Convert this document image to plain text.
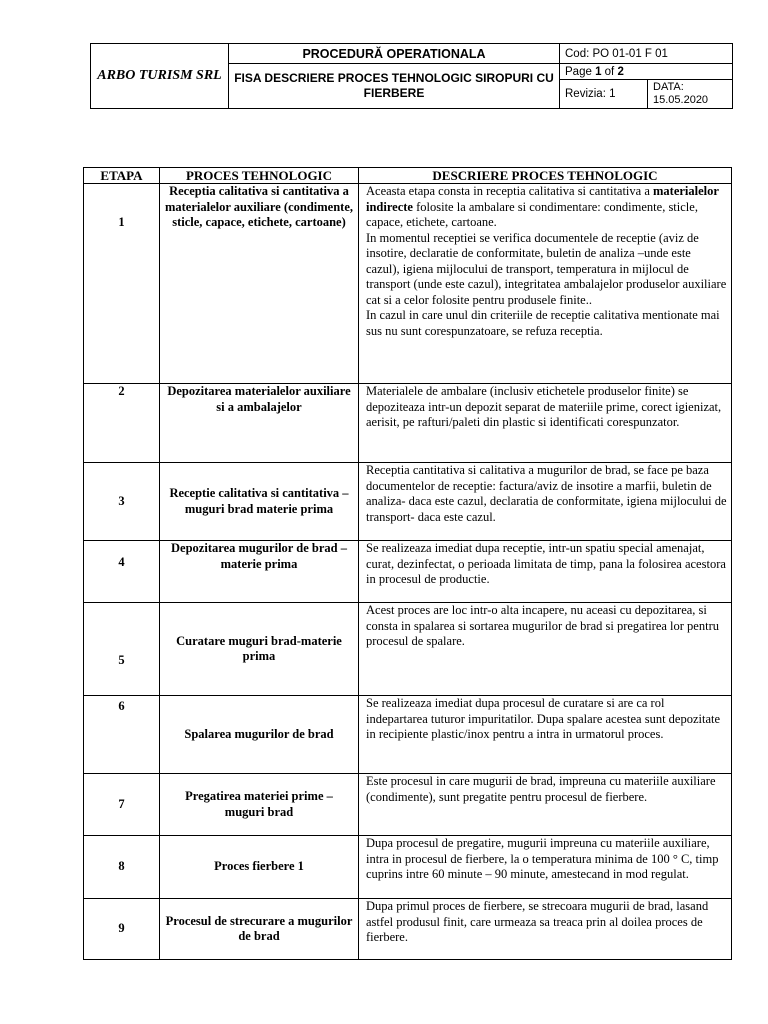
ARBO TURISM SRL	PROCEDURĂ OPERATIONALA	Cod: PO 01-01 F 01	
	FISA DESCRIERE PROCES TEHNOLOGIC SIROPURI CU FIERBERE	Page 1 of 2	
		Revizia: 1	DATA:
15.05.2020
ETAPA	PROCES TEHNOLOGIC	DESCRIERE PROCES TEHNOLOGIC
1	Receptia calitativa si cantitativa a materialelor auxiliare (condimente, sticle, capace, etichete, cartoane)	Aceasta etapa consta in receptia calitativa si cantitativa a materialelor indirecte folosite la ambalare si condimentare: condimente, sticle, capace, etichete, cartoane.
In momentul receptiei se verifica documentele de receptie (aviz de insotire, declaratie de conformitate, buletin de analiza –unde este cazul), igiena mijlocului de transport, temperatura in mijlocul de transport (unde este cazul), integritatea ambalajelor produselor auxiliare cat si a celor folosite pentru produsele finite..
In cazul in care unul din criteriile de receptie calitativa mentionate mai sus nu sunt corespunzatoare, se refuza receptia.

2	Depozitarea materialelor auxiliare si a ambalajelor	Materialele de ambalare (inclusiv etichetele produselor finite) se depoziteaza intr-un depozit separat de materiile prime, corect igienizat, aerisit, pe rafturi/paleti din plastic si identificati corespunzator.
3	Receptie calitativa si cantitativa – muguri brad materie prima	Receptia cantitativa si calitativa a mugurilor de brad, se face pe baza documentelor de receptie: factura/aviz de insotire a marfii, buletin de analiza- daca este cazul, declaratia de conformitate, igiena mijlocului de transport- daca este cazul.
4	Depozitarea mugurilor de brad – materie prima	Se realizeaza imediat dupa receptie, intr-un spatiu special amenajat, curat, dezinfectat, o perioada limitata de timp, pana la folosirea acestora in procesul de productie.
5	Curatare muguri brad-materie prima	Acest proces are loc intr-o alta incapere, nu aceasi cu depozitarea, si consta in spalarea si sortarea mugurilor de brad si pregatirea lor pentru procesul de spalare.
6	Spalarea mugurilor de brad	Se realizeaza imediat dupa procesul de curatare si are ca rol indepartarea tuturor impuritatilor. Dupa spalare acestea sunt depozitate in recipiente plastic/inox pentru a intra in urmatorul proces.
7	Pregatirea materiei prime – muguri brad	Este procesul in care mugurii de brad, impreuna cu materiile auxiliare (condimente), sunt pregatite pentru procesul de fierbere.
8	Proces fierbere 1	Dupa procesul de pregatire, mugurii impreuna cu materiile auxiliare, intra in procesul de fierbere, la o temperatura minima de 100 ° C, timp cuprins intre 60 minute – 90 minute, amestecand in mod regulat.
9	Procesul de strecurare a mugurilor de brad	Dupa primul proces de fierbere, se strecoara mugurii de brad, lasand astfel produsul finit, care urmeaza sa treaca prin al doilea proces de fierbere.
